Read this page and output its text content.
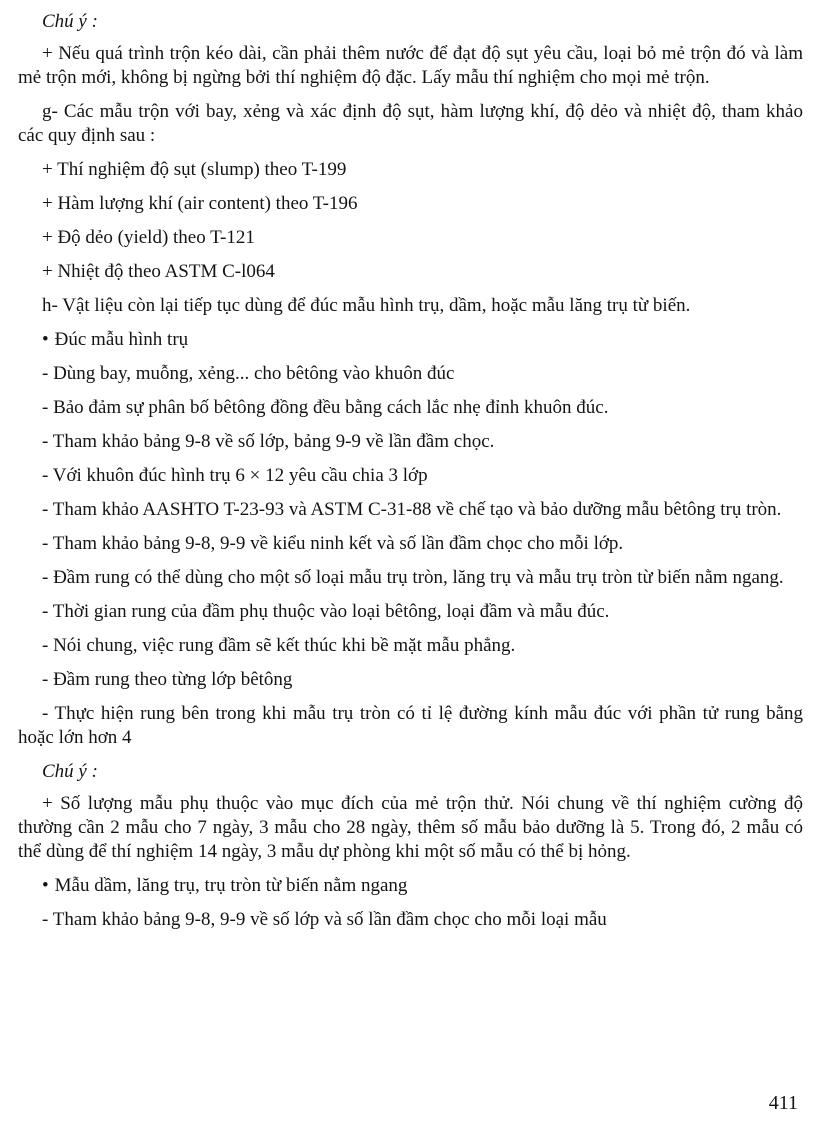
Chú ý :

+ Nếu quá trình trộn kéo dài, cần phải thêm nước để đạt độ sụt yêu cầu, loại bỏ mẻ trộn đó và làm mẻ trộn mới, không bị ngừng bởi thí nghiệm độ đặc. Lấy mẫu thí nghiệm cho mọi mẻ trộn.

g- Các mẫu trộn với bay, xẻng và xác định độ sụt, hàm lượng khí, độ dẻo và nhiệt độ, tham khảo các quy định sau :

+ Thí nghiệm độ sụt (slump) theo T-199

+ Hàm lượng khí (air content) theo T-196

+ Độ dẻo (yield) theo T-121

+ Nhiệt độ theo ASTM C-l064

h- Vật liệu còn lại tiếp tục dùng để đúc mẫu hình trụ, dầm, hoặc mẫu lăng trụ từ biến.

• Đúc mẫu hình trụ

- Dùng bay, muỗng, xẻng... cho bêtông vào khuôn đúc

- Bảo đảm sự phân bố bêtông đồng đều bằng cách lắc nhẹ đỉnh khuôn đúc.

- Tham khảo bảng 9-8 về số lớp, bảng 9-9 về lần đầm chọc.

- Với khuôn đúc hình trụ 6 × 12 yêu cầu chia 3 lớp

- Tham khảo AASHTO T-23-93 và ASTM C-31-88 về chế tạo và bảo dưỡng mẫu bêtông trụ tròn.

- Tham khảo bảng 9-8, 9-9 về kiểu ninh kết và số lần đầm chọc cho mỗi lớp.

- Đầm rung có thể dùng cho một số loại mẫu trụ tròn, lăng trụ và mẫu trụ tròn từ biến nằm ngang.

- Thời gian rung của đầm phụ thuộc vào loại bêtông, loại đầm và mẫu đúc.

- Nói chung, việc rung đầm sẽ kết thúc khi bề mặt mẫu phẳng.

- Đầm rung theo từng lớp bêtông

- Thực hiện rung bên trong khi mẫu trụ tròn có tỉ lệ đường kính mẫu đúc với phần tử rung bằng hoặc lớn hơn 4

Chú ý :

+ Số lượng mẫu phụ thuộc vào mục đích của mẻ trộn thử. Nói chung về thí nghiệm cường độ thường cần 2 mẫu cho 7 ngày, 3 mẫu cho 28 ngày, thêm số mẫu bảo dưỡng là 5. Trong đó, 2 mẫu có thể dùng để thí nghiệm 14 ngày, 3 mẫu dự phòng khi một số mẫu có thể bị hỏng.

• Mẫu dầm, lăng trụ, trụ tròn từ biến nằm ngang

- Tham khảo bảng 9-8, 9-9 về số lớp và số lần đầm chọc cho mỗi loại mẫu

411
